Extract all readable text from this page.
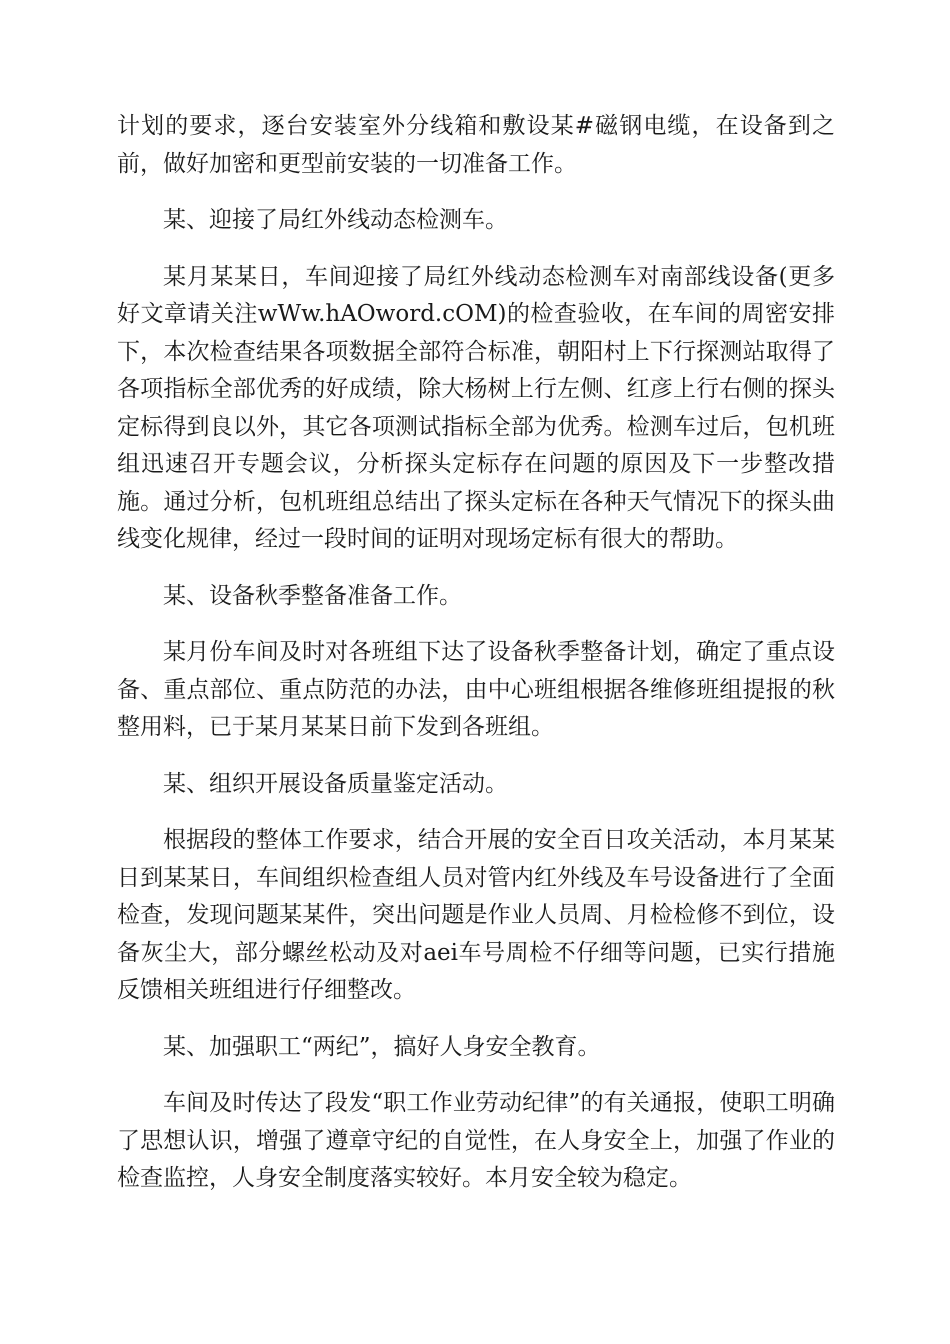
计划的要求，逐台安装室外分线箱和敷设某#磁钢电缆，在设备到之前，做好加密和更型前安装的一切准备工作。

某、迎接了局红外线动态检测车。

某月某某日，车间迎接了局红外线动态检测车对南部线设备(更多好文章请关注wWw.hAOword.cOM)的检查验收，在车间的周密安排下，本次检查结果各项数据全部符合标准，朝阳村上下行探测站取得了各项指标全部优秀的好成绩，除大杨树上行左侧、红彦上行右侧的探头定标得到良以外，其它各项测试指标全部为优秀。检测车过后，包机班组迅速召开专题会议，分析探头定标存在问题的原因及下一步整改措施。通过分析，包机班组总结出了探头定标在各种天气情况下的探头曲线变化规律，经过一段时间的证明对现场定标有很大的帮助。

某、设备秋季整备准备工作。

某月份车间及时对各班组下达了设备秋季整备计划，确定了重点设备、重点部位、重点防范的办法，由中心班组根据各维修班组提报的秋整用料，已于某月某某日前下发到各班组。

某、组织开展设备质量鉴定活动。

根据段的整体工作要求，结合开展的安全百日攻关活动，本月某某日到某某日，车间组织检查组人员对管内红外线及车号设备进行了全面检查，发现问题某某件，突出问题是作业人员周、月检检修不到位，设备灰尘大，部分螺丝松动及对aei车号周检不仔细等问题，已实行措施反馈相关班组进行仔细整改。

某、加强职工“两纪”，搞好人身安全教育。

车间及时传达了段发“职工作业劳动纪律”的有关通报，使职工明确了思想认识，增强了遵章守纪的自觉性，在人身安全上，加强了作业的检查监控，人身安全制度落实较好。本月安全较为稳定。
